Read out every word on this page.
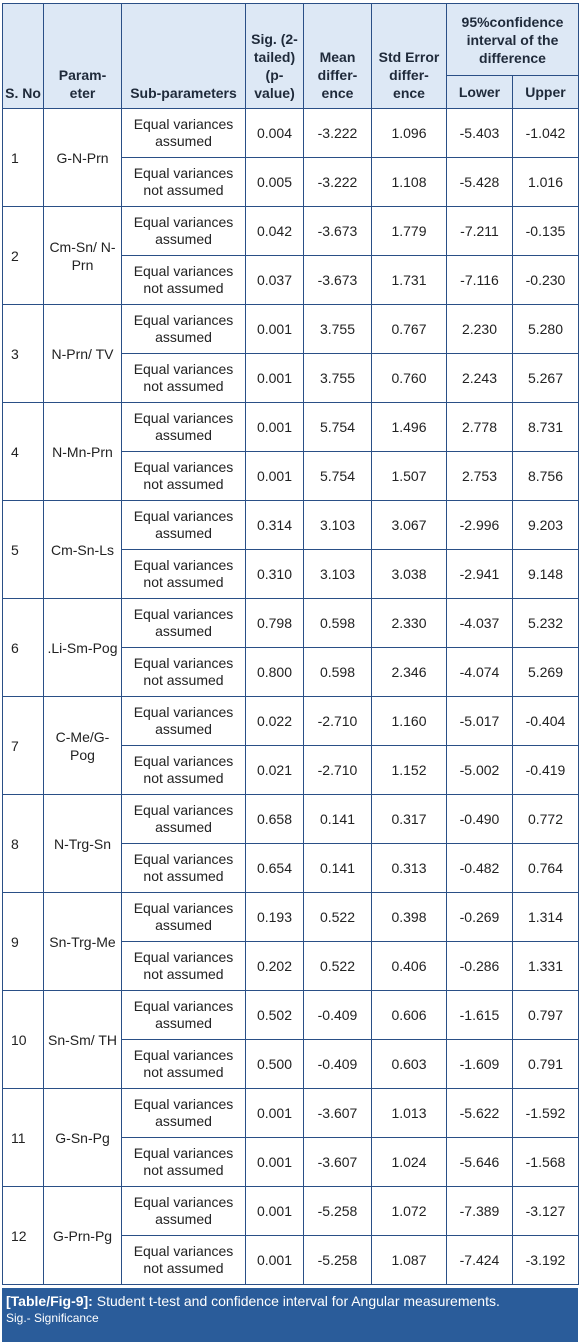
S. No	Param-eter	Sub-parameters	Sig. (2-tailed) (p-value)	Mean differ-ence	Std Error differ-ence	95%confidence interval of the difference	
						Lower	Upper
1	G-N-Prn	Equal variances assumed	0.004	-3.222	1.096	-5.403	-1.042
		Equal variances not assumed	0.005	-3.222	1.108	-5.428	1.016
2	Cm-Sn/ N-Prn	Equal variances assumed	0.042	-3.673	1.779	-7.211	-0.135
		Equal variances not assumed	0.037	-3.673	1.731	-7.116	-0.230
3	N-Prn/ TV	Equal variances assumed	0.001	3.755	0.767	2.230	5.280
		Equal variances not assumed	0.001	3.755	0.760	2.243	5.267
4	N-Mn-Prn	Equal variances assumed	0.001	5.754	1.496	2.778	8.731
		Equal variances not assumed	0.001	5.754	1.507	2.753	8.756
5	Cm-Sn-Ls	Equal variances assumed	0.314	3.103	3.067	-2.996	9.203
		Equal variances not assumed	0.310	3.103	3.038	-2.941	9.148
6	.Li-Sm-Pog	Equal variances assumed	0.798	0.598	2.330	-4.037	5.232
		Equal variances not assumed	0.800	0.598	2.346	-4.074	5.269
7	C-Me/G-Pog	Equal variances assumed	0.022	-2.710	1.160	-5.017	-0.404
		Equal variances not assumed	0.021	-2.710	1.152	-5.002	-0.419
8	N-Trg-Sn	Equal variances assumed	0.658	0.141	0.317	-0.490	0.772
		Equal variances not assumed	0.654	0.141	0.313	-0.482	0.764
9	Sn-Trg-Me	Equal variances assumed	0.193	0.522	0.398	-0.269	1.314
		Equal variances not assumed	0.202	0.522	0.406	-0.286	1.331
10	Sn-Sm/ TH	Equal variances assumed	0.502	-0.409	0.606	-1.615	0.797
		Equal variances not assumed	0.500	-0.409	0.603	-1.609	0.791
11	G-Sn-Pg	Equal variances assumed	0.001	-3.607	1.013	-5.622	-1.592
		Equal variances not assumed	0.001	-3.607	1.024	-5.646	-1.568
12	G-Prn-Pg	Equal variances assumed	0.001	-5.258	1.072	-7.389	-3.127
		Equal variances not assumed	0.001	-5.258	1.087	-7.424	-3.192
[Table/Fig-9]: Student t-test and confidence interval for Angular measurements.
Sig.- Significance
